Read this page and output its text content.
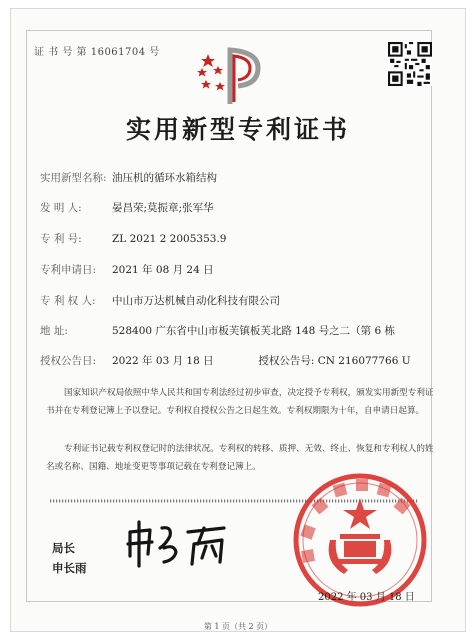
证 书 号 第 16061704 号
实用新型专利证书
实用新型名称: 油压机的循环水箱结构
发 明 人:	晏昌荣;莫振章;张军华
专 利 号:	ZL 2021 2 2005353.9
专利申请日: 2021 年 08 月 24 日
专 利 权 人: 中山市万达机械自动化科技有限公司
地 址:	528400 广东省中山市板芙镇板芙北路 148 号之二（第 6 栋
授权公告日: 2022 年 03 月 18 日	授权公告号: CN 216077766 U
国家知识产权局依照中华人民共和国专利法经过初步审查，决定授予专利权，颁发实用新型专利证书并在专利登记簿上予以登记。专利权自授权公告之日起生效。专利权期限为十年，自申请日起算。
专利证书记载专利权登记时的法律状况。专利权的转移、质押、无效、终止、恢复和专利权人的姓名或名称、国籍、地址变更等事项记载在专利登记簿上。
局长
申长雨
2022 年 03 月 18 日
第 1 页（共 2 页）
